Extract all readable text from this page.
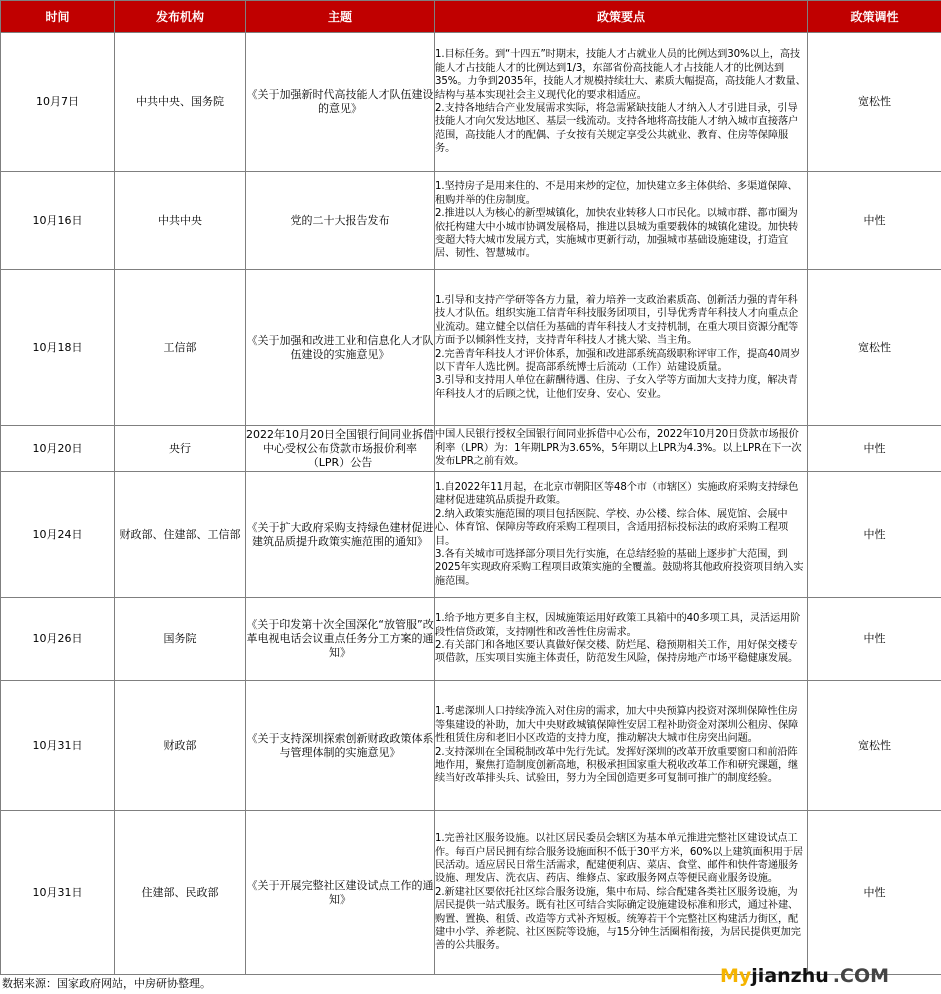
时间	发布机构	主题	政策要点	政策调性
10月7日	中共中央、国务院	《关于加强新时代高技能人才队伍建设的意见》	1.目标任务。到“十四五”时期末，技能人才占就业人员的比例达到30%以上，高技能人才占技能人才的比例达到1/3，东部省份高技能人才占技能人才的比例达到35%。力争到2035年，技能人才规模持续壮大、素质大幅提高，高技能人才数量、结构与基本实现社会主义现代化的要求相适应。
2.支持各地结合产业发展需求实际，将急需紧缺技能人才纳入人才引进目录，引导技能人才向欠发达地区、基层一线流动。支持各地将高技能人才纳入城市直接落户范围，高技能人才的配偶、子女按有关规定享受公共就业、教育、住房等保障服务。	宽松性
10月16日	中共中央	党的二十大报告发布	1.坚持房子是用来住的、不是用来炒的定位，加快建立多主体供给、多渠道保障、租购并举的住房制度。
2.推进以人为核心的新型城镇化，加快农业转移人口市民化。以城市群、都市圈为依托构建大中小城市协调发展格局，推进以县城为重要载体的城镇化建设。加快转变超大特大城市发展方式，实施城市更新行动，加强城市基础设施建设，打造宜居、韧性、智慧城市。	中性
10月18日	工信部	《关于加强和改进工业和信息化人才队伍建设的实施意见》	1.引导和支持产学研等各方力量，着力培养一支政治素质高、创新活力强的青年科技人才队伍。组织实施工信青年科技服务团项目，引导优秀青年科技人才向重点企业流动。建立健全以信任为基础的青年科技人才支持机制，在重大项目资源分配等方面予以倾斜性支持，支持青年科技人才挑大梁、当主角。
2.完善青年科技人才评价体系，加强和改进部系统高级职称评审工作，提高40周岁以下青年人选比例。提高部系统博士后流动（工作）站建设质量。
3.引导和支持用人单位在薪酬待遇、住房、子女入学等方面加大支持力度，解决青年科技人才的后顾之忧，让他们安身、安心、安业。	宽松性
10月20日	央行	2022年10月20日全国银行间同业拆借中心受权公布贷款市场报价利率（LPR）公告	中国人民银行授权全国银行间同业拆借中心公布，2022年10月20日贷款市场报价利率（LPR）为：1年期LPR为3.65%，5年期以上LPR为4.3%。以上LPR在下一次发布LPR之前有效。	中性
10月24日	财政部、住建部、工信部	《关于扩大政府采购支持绿色建材促进建筑品质提升政策实施范围的通知》	1.自2022年11月起，在北京市朝阳区等48个市（市辖区）实施政府采购支持绿色建材促进建筑品质提升政策。
2.纳入政策实施范围的项目包括医院、学校、办公楼、综合体、展览馆、会展中心、体育馆、保障房等政府采购工程项目，含适用招标投标法的政府采购工程项目。
3.各有关城市可选择部分项目先行实施，在总结经验的基础上逐步扩大范围，到2025年实现政府采购工程项目政策实施的全覆盖。鼓励将其他政府投资项目纳入实施范围。	中性
10月26日	国务院	《关于印发第十次全国深化“放管服”改革电视电话会议重点任务分工方案的通知》	1.给予地方更多自主权，因城施策运用好政策工具箱中的40多项工具，灵活运用阶段性信贷政策，支持刚性和改善性住房需求。
2.有关部门和各地区要认真做好保交楼、防烂尾、稳预期相关工作，用好保交楼专项借款，压实项目实施主体责任，防范发生风险，保持房地产市场平稳健康发展。	中性
10月31日	财政部	《关于支持深圳探索创新财政政策体系与管理体制的实施意见》	1.考虑深圳人口持续净流入对住房的需求，加大中央预算内投资对深圳保障性住房等集建设的补助，加大中央财政城镇保障性安居工程补助资金对深圳公租房、保障性租赁住房和老旧小区改造的支持力度，推动解决大城市住房突出问题。
2.支持深圳在全国税制改革中先行先试。发挥好深圳的改革开放重要窗口和前沿阵地作用，聚焦打造制度创新高地，积极承担国家重大税收改革工作和研究课题，继续当好改革排头兵、试验田，努力为全国创造更多可复制可推广的制度经验。	宽松性
10月31日	住建部、民政部	《关于开展完整社区建设试点工作的通知》	1.完善社区服务设施。以社区居民委员会辖区为基本单元推进完整社区建设试点工作。每百户居民拥有综合服务设施面积不低于30平方米，60%以上建筑面积用于居民活动。适应居民日常生活需求，配建便利店、菜店、食堂、邮件和快件寄递服务设施、理发店、洗衣店、药店、维修点、家政服务网点等便民商业服务设施。
2.新建社区要依托社区综合服务设施，集中布局、综合配建各类社区服务设施，为居民提供一站式服务。既有社区可结合实际确定设施建设标准和形式，通过补建、购置、置换、租赁、改造等方式补齐短板。统筹若干个完整社区构建活力街区，配建中小学、养老院、社区医院等设施，与15分钟生活圈相衔接，为居民提供更加完善的公共服务。	中性
数据来源：国家政府网站，中房研协整理。	Myjianzhu .COM
